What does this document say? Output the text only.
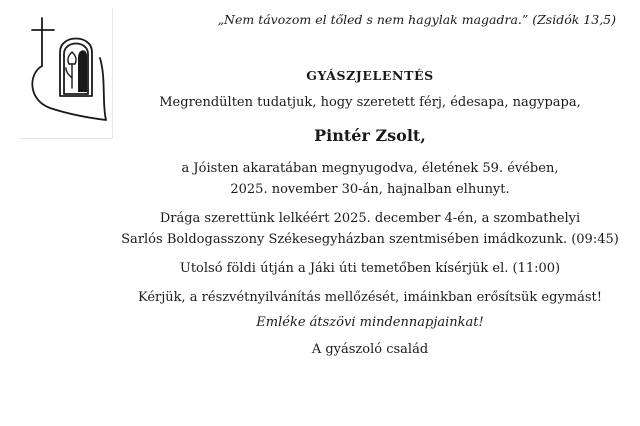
„Nem távozom el tőled s nem hagylak magadra.” (Zsidók 13,5)
GYÁSZJELENTÉS
Megrendülten tudatjuk, hogy szeretett férj, édesapa, nagypapa,
Pintér Zsolt,
a Jóisten akaratában megnyugodva, életének 59. évében,
2025. november 30-án, hajnalban elhunyt.
Drága szerettünk lelkéért 2025. december 4-én, a szombathelyi
Sarlós Boldogasszony Székesegyházban szentmisében imádkozunk. (09:45)
Utolsó földi útján a Jáki úti temetőben kísérjük el. (11:00)
Kérjük, a részvétnyilvánítás mellőzését, imáinkban erősítsük egymást!
Emléke átszövi mindennapjainkat!
A gyászoló család
